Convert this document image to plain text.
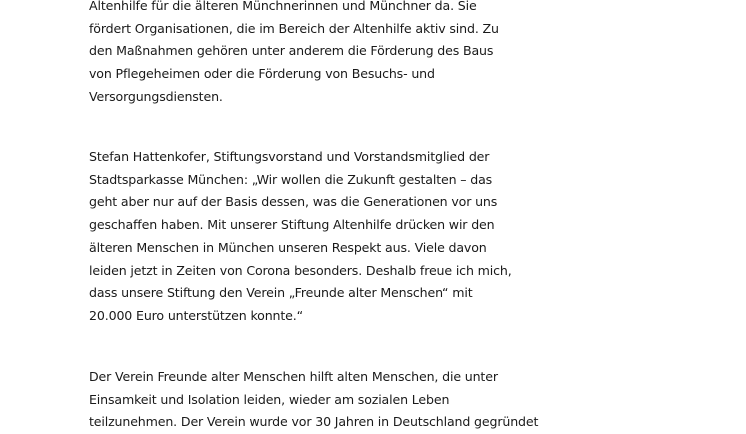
Altenhilfe für die älteren Münchnerinnen und Münchner da. Sie
fördert Organisationen, die im Bereich der Altenhilfe aktiv sind. Zu
den Maßnahmen gehören unter anderem die Förderung des Baus
von Pflegeheimen oder die Förderung von Besuchs- und
Versorgungsdiensten.

Stefan Hattenkofer, Stiftungsvorstand und Vorstandsmitglied der
Stadtsparkasse München: „Wir wollen die Zukunft gestalten – das
geht aber nur auf der Basis dessen, was die Generationen vor uns
geschaffen haben. Mit unserer Stiftung Altenhilfe drücken wir den
älteren Menschen in München unseren Respekt aus. Viele davon
leiden jetzt in Zeiten von Corona besonders. Deshalb freue ich mich,
dass unsere Stiftung den Verein „Freunde alter Menschen“ mit
20.000 Euro unterstützen konnte.“

Der Verein Freunde alter Menschen hilft alten Menschen, die unter
Einsamkeit und Isolation leiden, wieder am sozialen Leben
teilzunehmen. Der Verein wurde vor 30 Jahren in Deutschland gegründet
